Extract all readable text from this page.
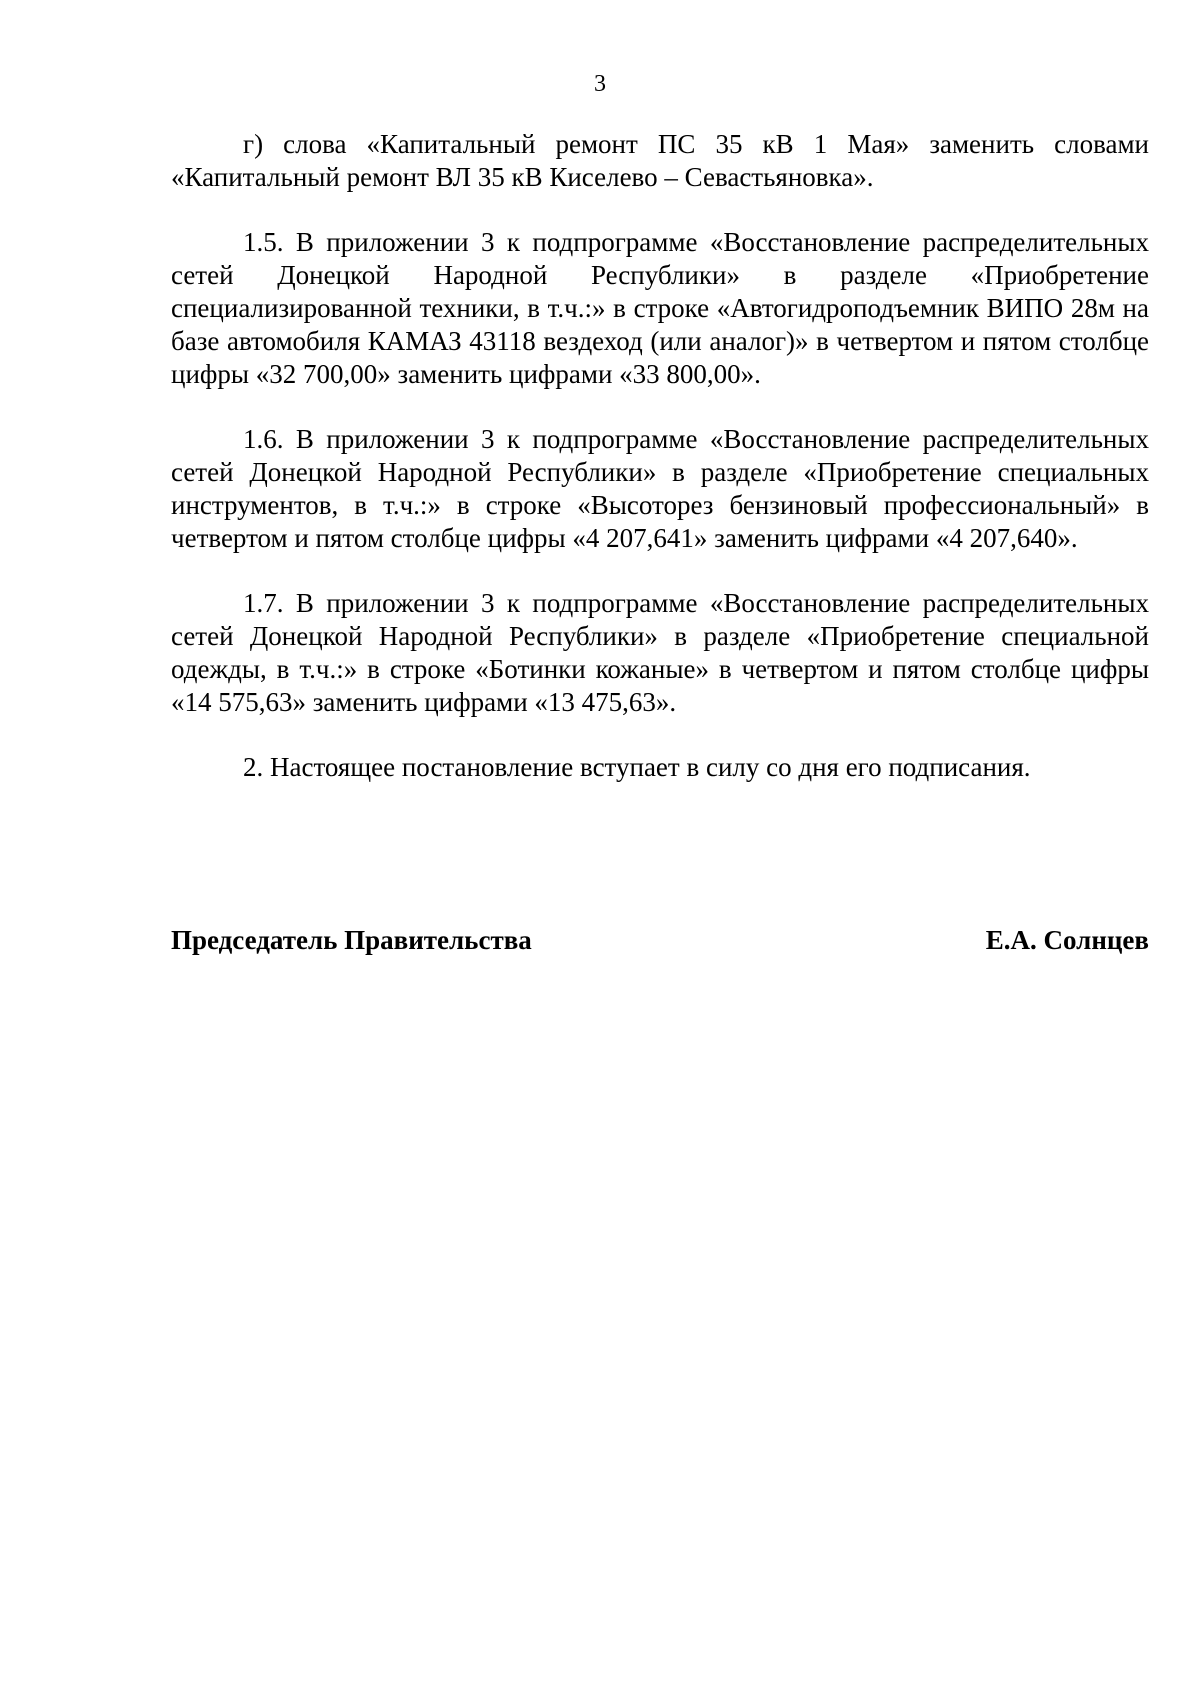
3

г) слова «Капитальный ремонт ПС 35 кВ 1 Мая» заменить словами «Капитальный ремонт ВЛ 35 кВ Киселево – Севастьяновка».

1.5. В приложении 3 к подпрограмме «Восстановление распределительных сетей Донецкой Народной Республики» в разделе «Приобретение специализированной техники, в т.ч.:» в строке «Автогидроподъемник ВИПО 28м на базе автомобиля КАМАЗ 43118 вездеход (или аналог)» в четвертом и пятом столбце цифры «32 700,00» заменить цифрами «33 800,00».

1.6. В приложении 3 к подпрограмме «Восстановление распределительных сетей Донецкой Народной Республики» в разделе «Приобретение специальных инструментов, в т.ч.:» в строке «Высоторез бензиновый профессиональный» в четвертом и пятом столбце цифры «4 207,641» заменить цифрами «4 207,640».

1.7. В приложении 3 к подпрограмме «Восстановление распределительных сетей Донецкой Народной Республики» в разделе «Приобретение специальной одежды, в т.ч.:» в строке «Ботинки кожаные» в четвертом и пятом столбце цифры «14 575,63» заменить цифрами «13 475,63».

2. Настоящее постановление вступает в силу со дня его подписания.

Председатель Правительства	Е.А. Солнцев
